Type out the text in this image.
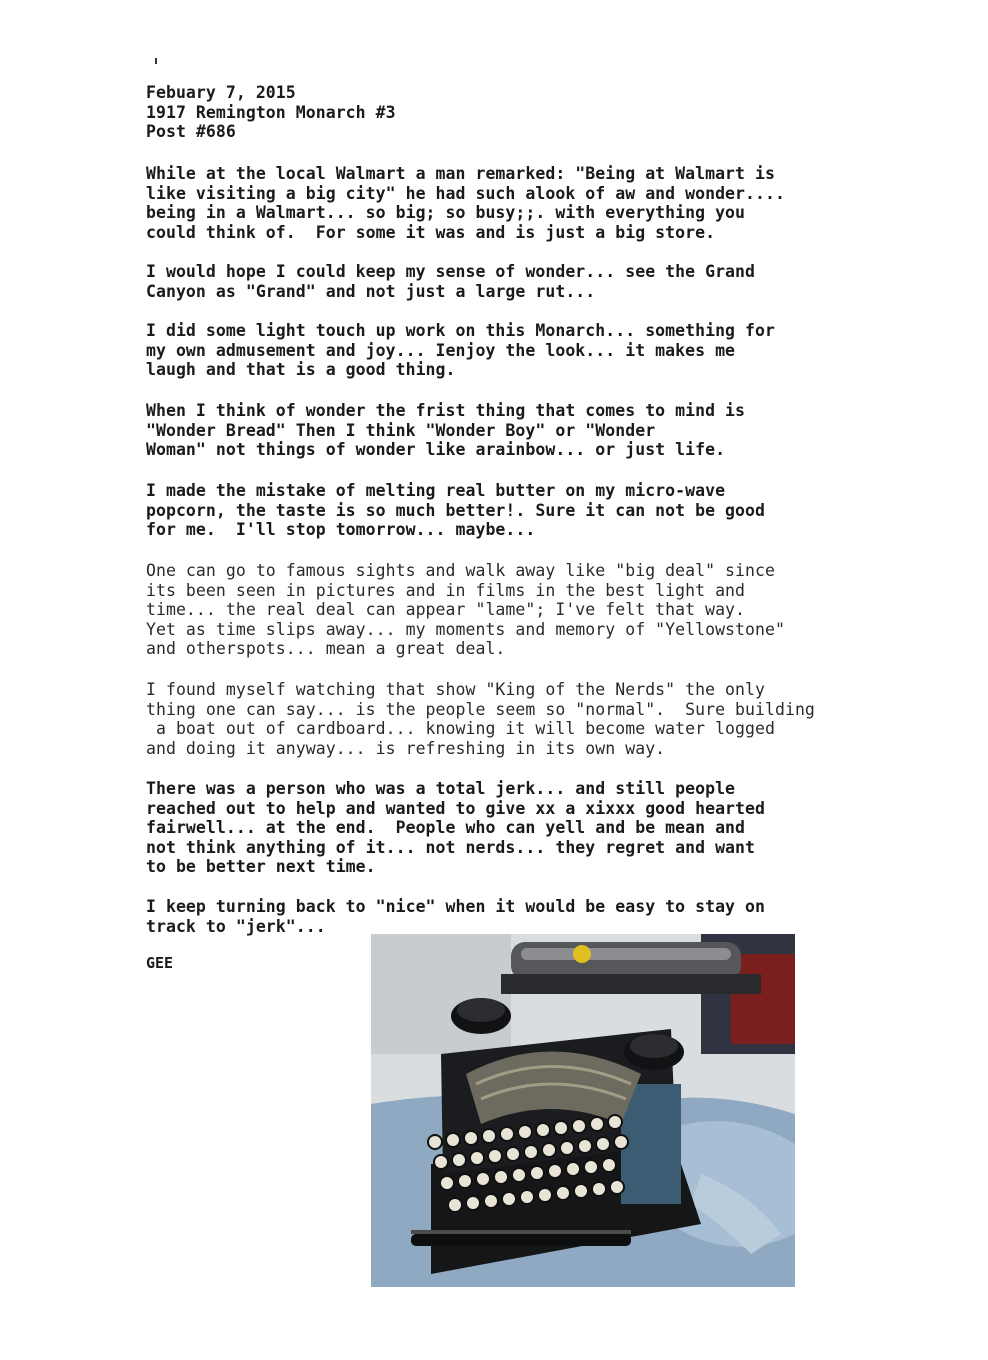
Febuary 7, 2015
1917 Remington Monarch #3
Post #686
While at the local Walmart a man remarked: "Being at Walmart is
like visiting a big city" he had such alook of aw and wonder....
being in a Walmart... so big; so busy;;. with everything you
could think of.  For some it was and is just a big store.
I would hope I could keep my sense of wonder... see the Grand
Canyon as "Grand" and not just a large rut...
I did some light touch up work on this Monarch... something for
my own admusement and joy... Ienjoy the look... it makes me
laugh and that is a good thing.
When I think of wonder the frist thing that comes to mind is
"Wonder Bread" Then I think "Wonder Boy" or "Wonder
Woman" not things of wonder like arainbow... or just life.
I made the mistake of melting real butter on my micro-wave
popcorn, the taste is so much better!. Sure it can not be good
for me.  I'll stop tomorrow... maybe...
One can go to famous sights and walk away like "big deal" since
its been seen in pictures and in films in the best light and
time... the real deal can appear "lame"; I've felt that way.
Yet as time slips away... my moments and memory of "Yellowstone"
and otherspots... mean a great deal.
I found myself watching that show "King of the Nerds" the only
thing one can say... is the people seem so "normal".  Sure building
a boat out of cardboard... knowing it will become water logged
and doing it anyway... is refreshing in its own way.
There was a person who was a total jerk... and still people
reached out to help and wanted to give xx a xixxx good hearted
fairwell... at the end.  People who can yell and be mean and
not think anything of it... not nerds... they regret and want
to be better next time.
I keep turning back to "nice" when it would be easy to stay on
track to "jerk"...
GEE
